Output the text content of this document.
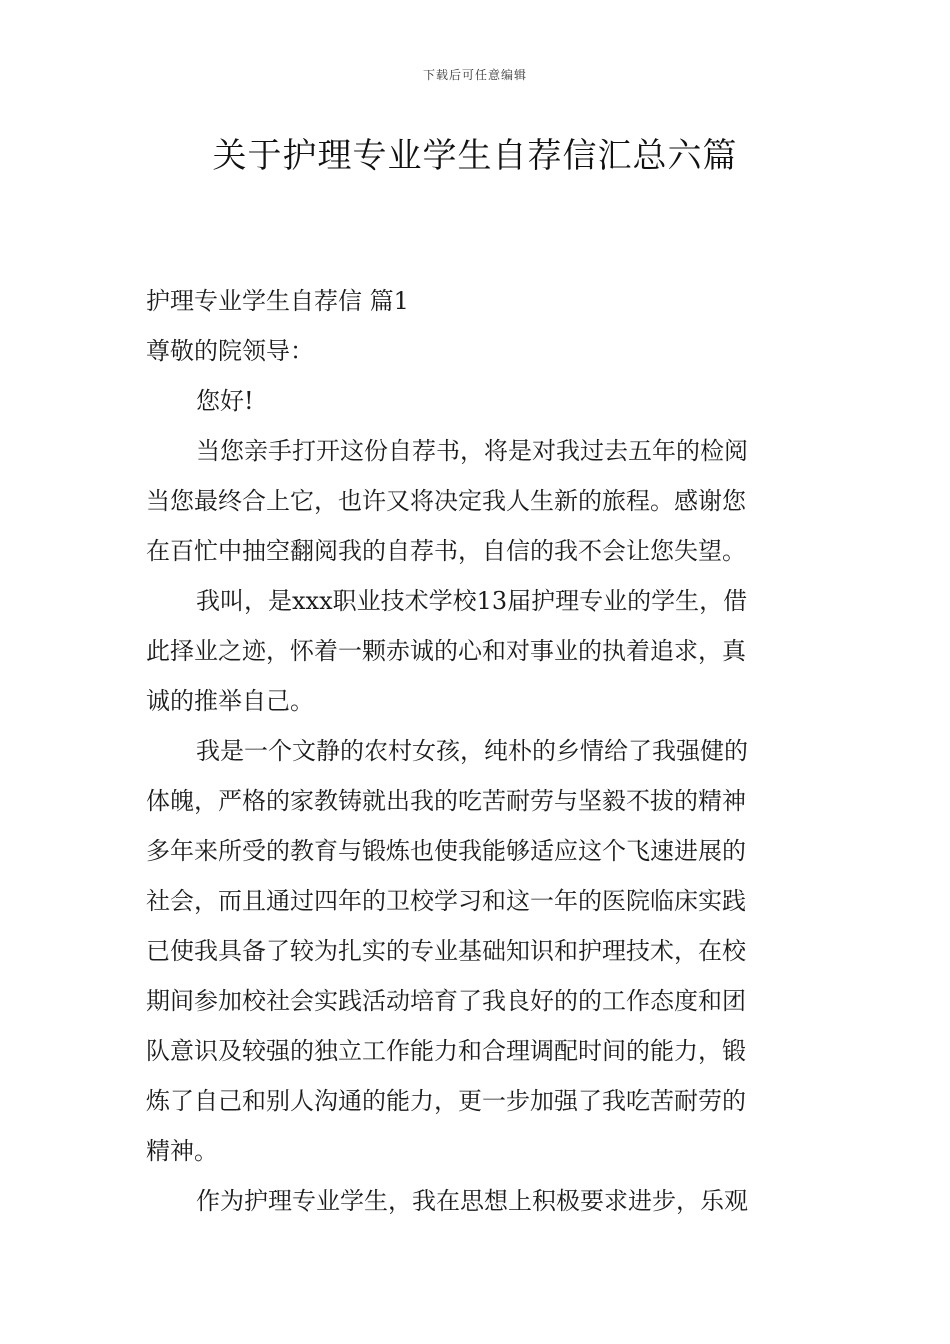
下载后可任意编辑
关于护理专业学生自荐信汇总六篇
护理专业学生自荐信 篇1
尊敬的院领导：
您好!
当您亲手打开这份自荐书，将是对我过去五年的检阅
当您最终合上它，也许又将决定我人生新的旅程。感谢您
在百忙中抽空翻阅我的自荐书，自信的我不会让您失望。
我叫，是xxx职业技术学校13届护理专业的学生，借
此择业之迹，怀着一颗赤诚的心和对事业的执着追求，真
诚的推举自己。
我是一个文静的农村女孩，纯朴的乡情给了我强健的
体魄，严格的家教铸就出我的吃苦耐劳与坚毅不拔的精神
多年来所受的教育与锻炼也使我能够适应这个飞速进展的
社会，而且通过四年的卫校学习和这一年的医院临床实践
已使我具备了较为扎实的专业基础知识和护理技术，在校
期间参加校社会实践活动培育了我良好的的工作态度和团
队意识及较强的独立工作能力和合理调配时间的能力，锻
炼了自己和别人沟通的能力，更一步加强了我吃苦耐劳的
精神。
作为护理专业学生，我在思想上积极要求进步，乐观
